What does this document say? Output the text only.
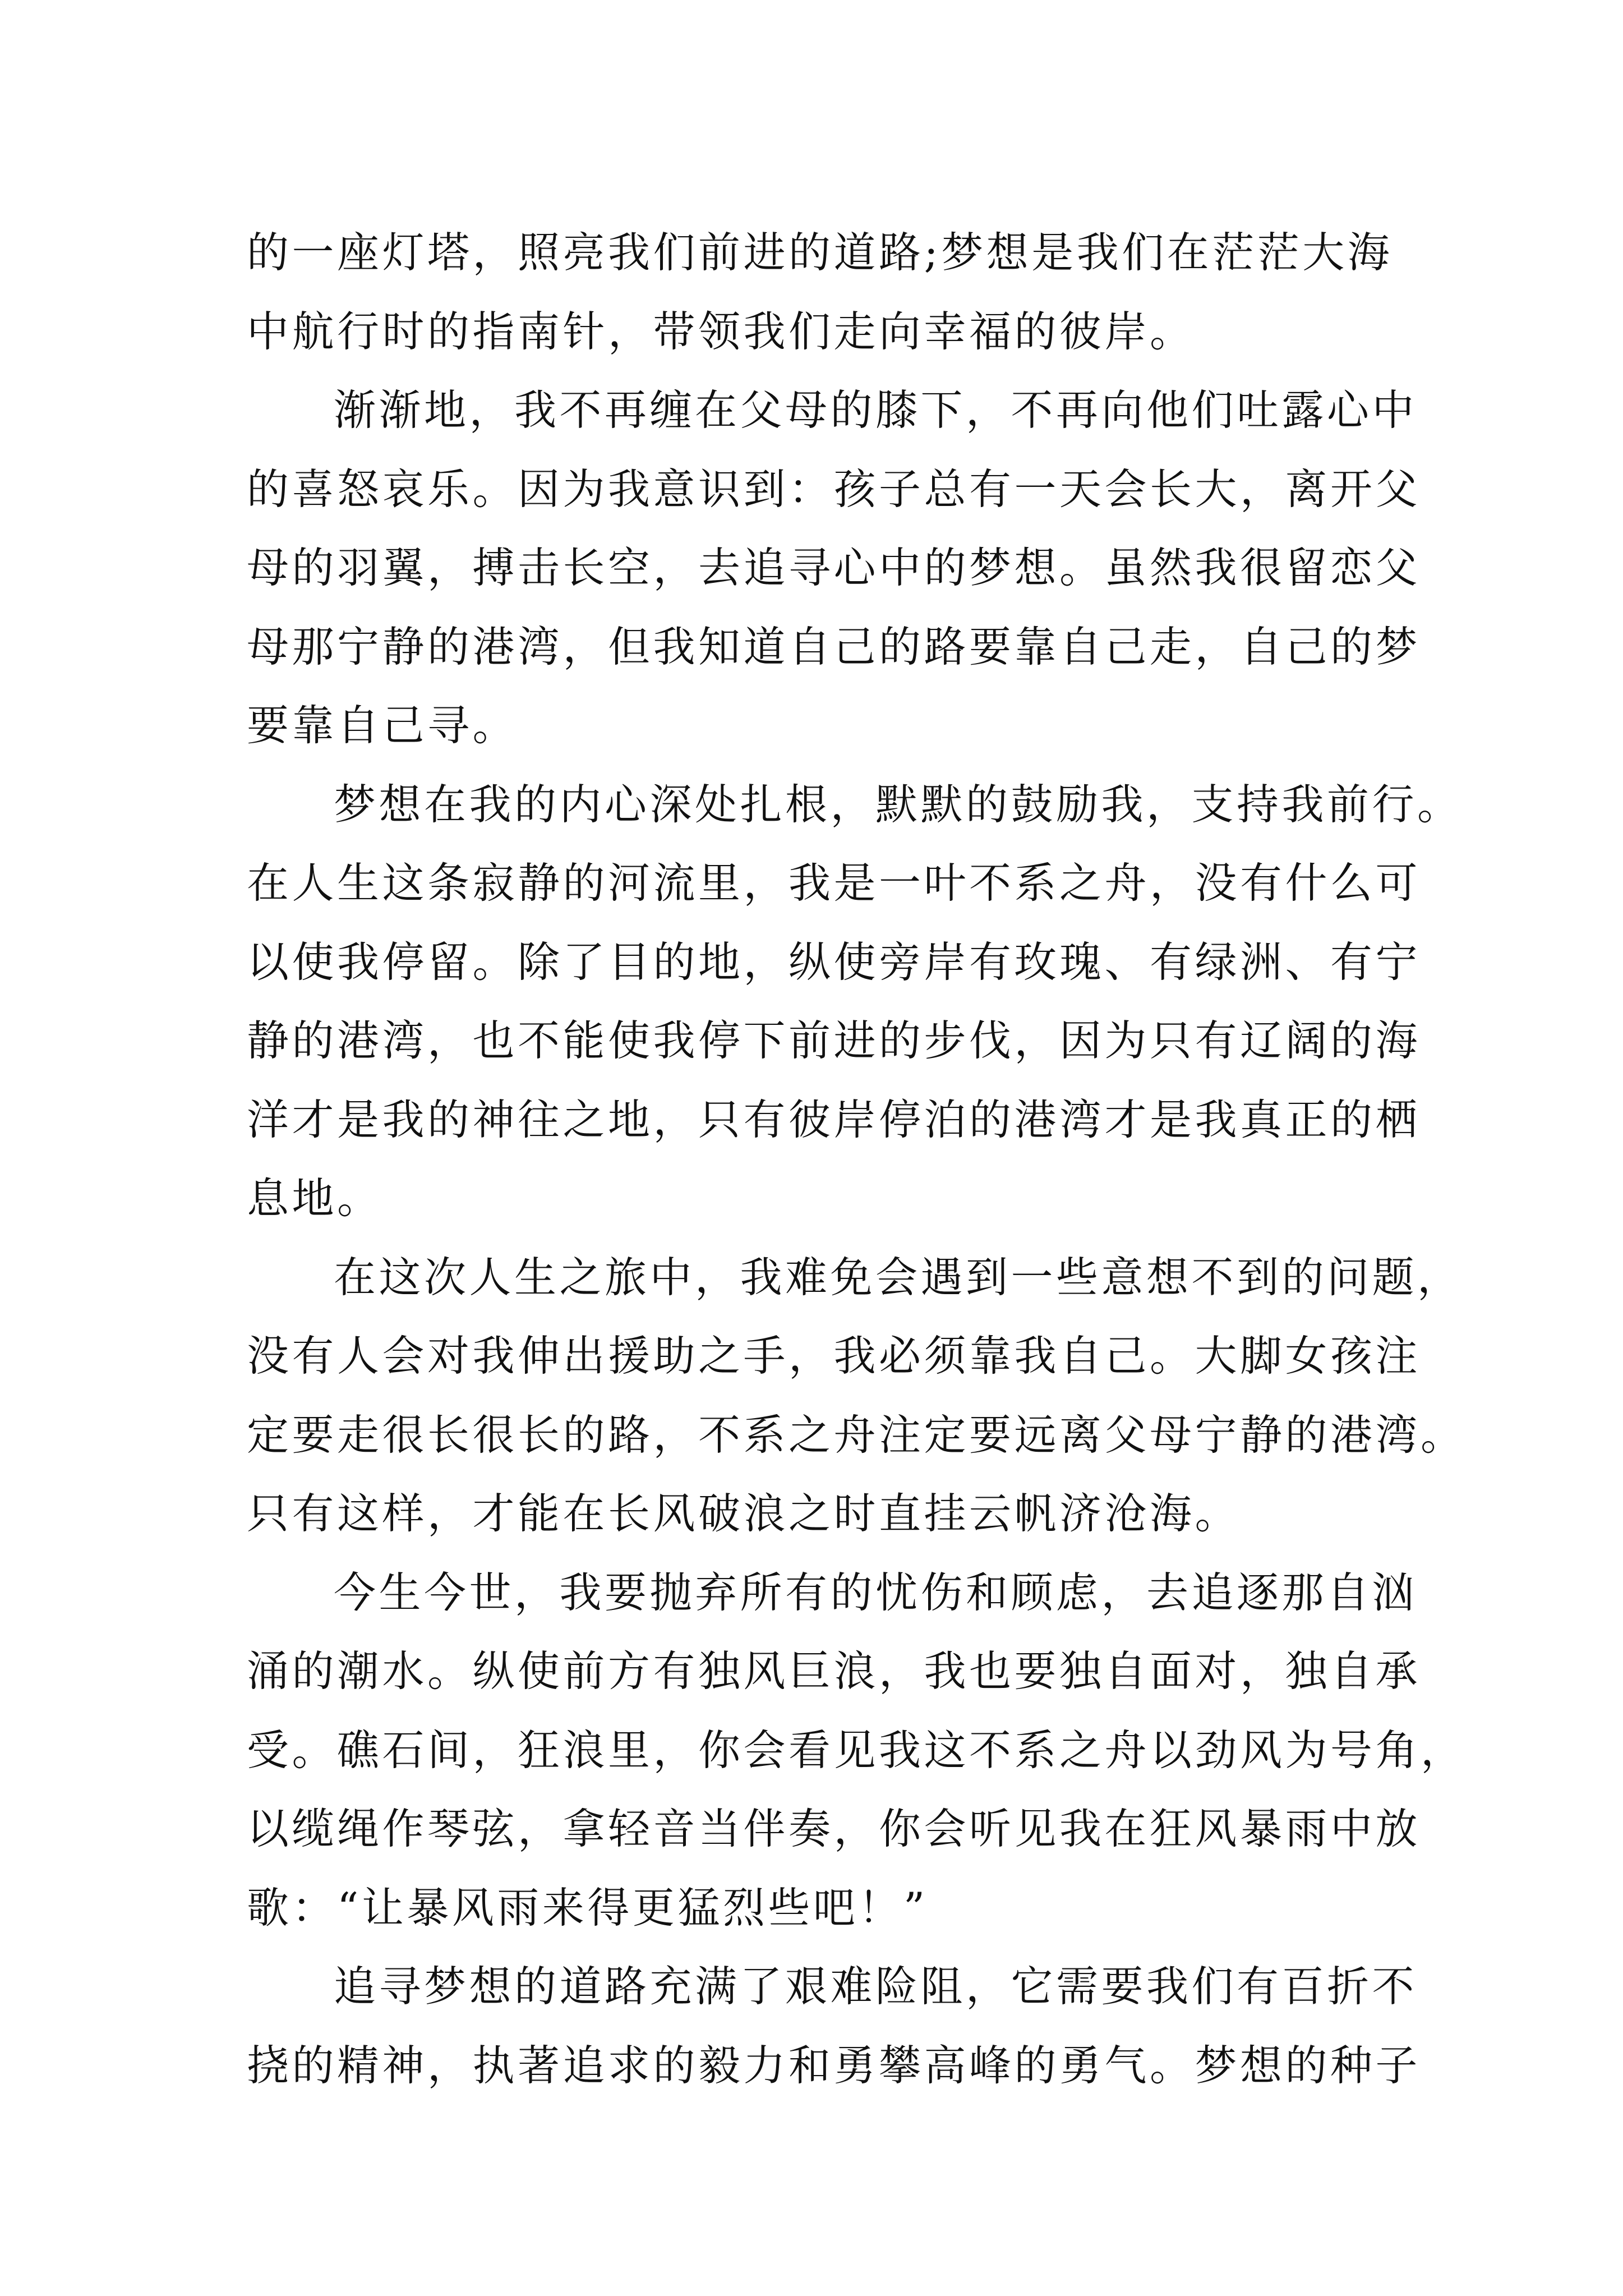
的一座灯塔，照亮我们前进的道路;梦想是我们在茫茫大海
中航行时的指南针，带领我们走向幸福的彼岸。
渐渐地，我不再缠在父母的膝下，不再向他们吐露心中
的喜怒哀乐。因为我意识到：孩子总有一天会长大，离开父
母的羽翼，搏击长空，去追寻心中的梦想。虽然我很留恋父
母那宁静的港湾，但我知道自己的路要靠自己走，自己的梦
要靠自己寻。
梦想在我的内心深处扎根，默默的鼓励我，支持我前行。
在人生这条寂静的河流里，我是一叶不系之舟，没有什么可
以使我停留。除了目的地，纵使旁岸有玫瑰、有绿洲、有宁
静的港湾，也不能使我停下前进的步伐，因为只有辽阔的海
洋才是我的神往之地，只有彼岸停泊的港湾才是我真正的栖
息地。
在这次人生之旅中，我难免会遇到一些意想不到的问题，
没有人会对我伸出援助之手，我必须靠我自己。大脚女孩注
定要走很长很长的路，不系之舟注定要远离父母宁静的港湾。
只有这样，才能在长风破浪之时直挂云帆济沧海。
今生今世，我要抛弃所有的忧伤和顾虑，去追逐那自汹
涌的潮水。纵使前方有独风巨浪，我也要独自面对，独自承
受。礁石间，狂浪里，你会看见我这不系之舟以劲风为号角，
以缆绳作琴弦，拿轻音当伴奏，你会听见我在狂风暴雨中放
歌：“让暴风雨来得更猛烈些吧！”
追寻梦想的道路充满了艰难险阻，它需要我们有百折不
挠的精神，执著追求的毅力和勇攀高峰的勇气。梦想的种子
